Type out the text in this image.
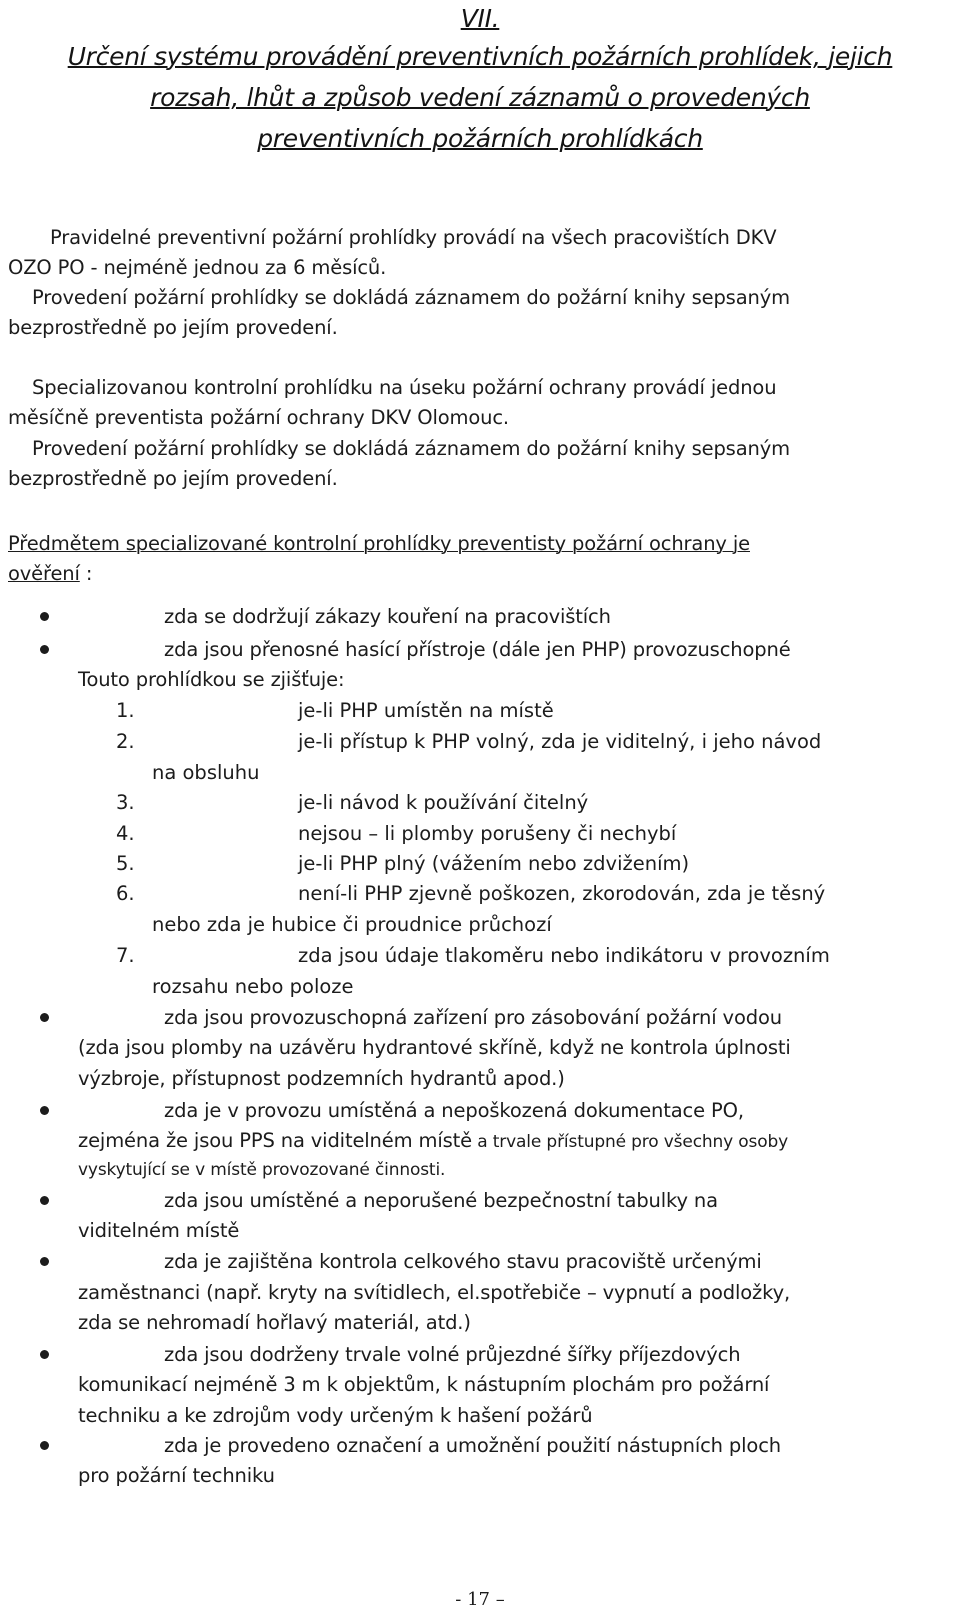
VII.

Určení systému provádění preventivních požárních prohlídek, jejich

rozsah, lhůt a způsob vedení záznamů o provedených

preventivních požárních prohlídkách

Pravidelné preventivní požární prohlídky provádí na všech pracovištích DKV

OZO PO - nejméně jednou za 6 měsíců.

Provedení požární prohlídky se dokládá záznamem do požární knihy sepsaným

bezprostředně po jejím provedení.

Specializovanou kontrolní prohlídku na úseku požární ochrany provádí jednou

měsíčně preventista požární ochrany DKV Olomouc.

Provedení požární prohlídky se dokládá záznamem do požární knihy sepsaným

bezprostředně po jejím provedení.

Předmětem specializované kontrolní prohlídky preventisty požární ochrany je

ověření :

zda se dodržují zákazy kouření na pracovištích

zda jsou přenosné hasící přístroje (dále jen PHP) provozuschopné

Touto prohlídkou se zjišťuje:

1.	je-li PHP umístěn na místě
2.	je-li přístup k PHP volný, zda je viditelný, i jeho návod
na obsluhu
3.	je-li návod k používání čitelný
4.	nejsou – li plomby porušeny či nechybí
5.	je-li PHP plný (vážením nebo zdvižením)
6.	není-li PHP zjevně poškozen, zkorodován, zda je těsný
nebo zda je hubice či proudnice průchozí
7.	zda jsou údaje tlakoměru nebo indikátoru v provozním
rozsahu nebo poloze

zda jsou provozuschopná zařízení pro zásobování požární vodou

(zda jsou plomby na uzávěru hydrantové skříně, když ne kontrola úplnosti

výzbroje, přístupnost podzemních hydrantů apod.)

zda je v provozu umístěná a nepoškozená dokumentace PO,

zejména že jsou PPS na viditelném místě a trvale přístupné pro všechny osoby

vyskytující se v místě provozované činnosti.

zda jsou umístěné a neporušené bezpečnostní tabulky na

viditelném místě

zda je zajištěna kontrola celkového stavu pracoviště určenými

zaměstnanci (např. kryty na svítidlech, el.spotřebiče – vypnutí a podložky,

zda se nehromadí hořlavý materiál, atd.)

zda jsou dodrženy trvale volné průjezdné šířky příjezdových

komunikací nejméně 3 m k objektům, k nástupním plochám pro požární

techniku a ke zdrojům vody určeným k hašení požárů

zda je provedeno označení a umožnění použití nástupních ploch

pro požární techniku

- 17 –
